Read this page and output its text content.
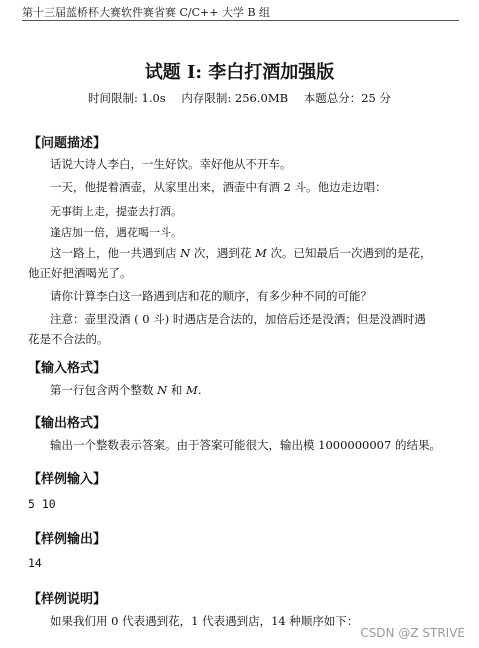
第十三届蓝桥杯大赛软件赛省赛 C/C++ 大学 B 组
试题 I: 李白打酒加强版
时间限制: 1.0s 内存限制: 256.0MB 本题总分：25 分
【问题描述】
话说大诗人李白，一生好饮。幸好他从不开车。
一天，他提着酒壶，从家里出来，酒壶中有酒 2 斗。他边走边唱：
无事街上走，提壶去打酒。
逢店加一倍，遇花喝一斗。
这一路上，他一共遇到店 N 次，遇到花 M 次。已知最后一次遇到的是花，
他正好把酒喝光了。
请你计算李白这一路遇到店和花的顺序，有多少种不同的可能？
注意：壶里没酒 ( 0 斗) 时遇店是合法的，加倍后还是没酒；但是没酒时遇
花是不合法的。
【输入格式】
第一行包含两个整数 N 和 M.
【输出格式】
输出一个整数表示答案。由于答案可能很大，输出模 1000000007 的结果。
【样例输入】
5 10
【样例输出】
14
【样例说明】
如果我们用 0 代表遇到花，1 代表遇到店，14 种顺序如下：
CSDN @Z STRIVE
